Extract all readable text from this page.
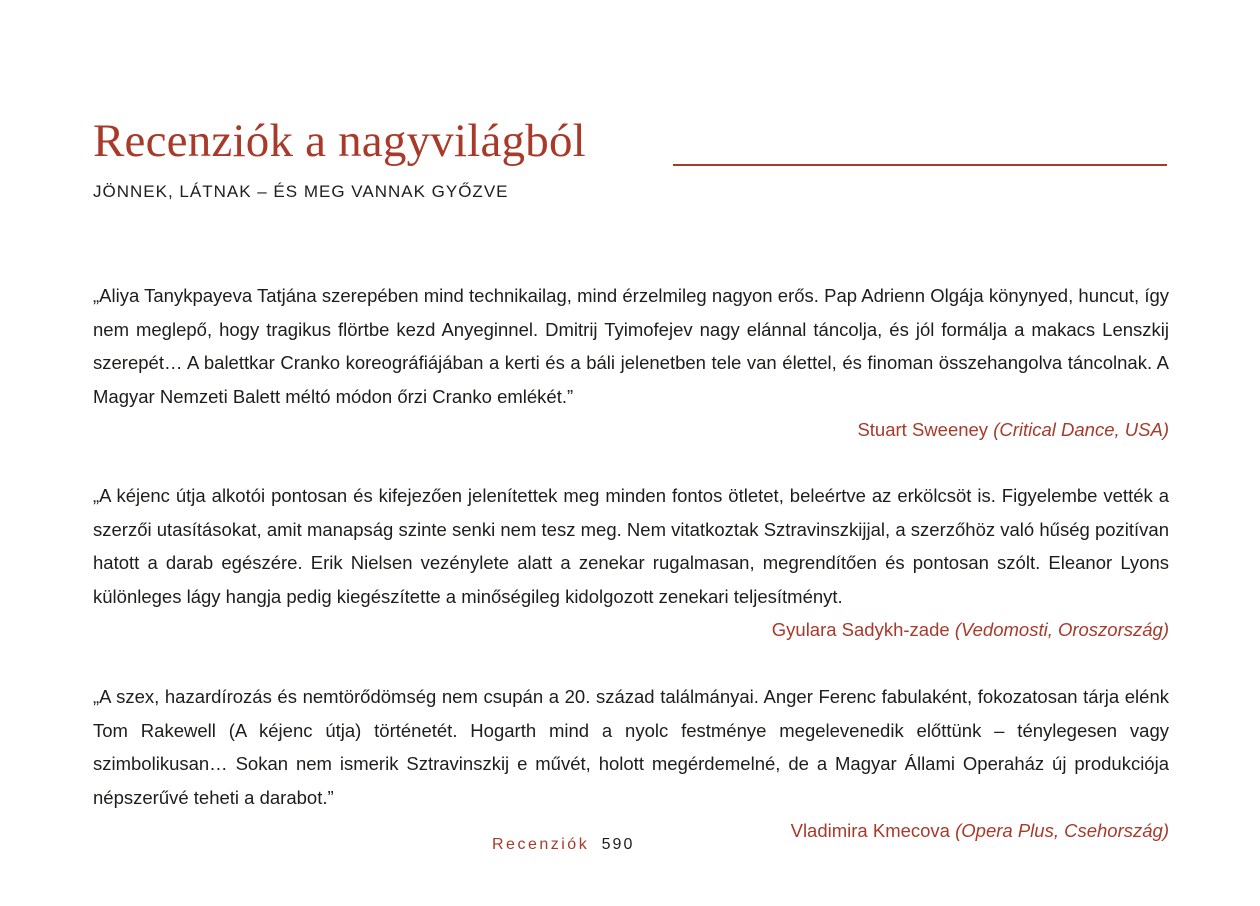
Recenziók a nagyvilágból
JÖNNEK, LÁTNAK – ÉS MEG VANNAK GYŐZVE

„Aliya Tanykpayeva Tatjána szerepében mind technikailag, mind érzelmileg nagyon erős. Pap Adrienn Olgája könynyed, huncut, így nem meglepő, hogy tragikus flörtbe kezd Anyeginnel. Dmitrij Tyimofejev nagy elánnal táncolja, és jól formálja a makacs Lenszkij szerepét… A balettkar Cranko koreográfiájában a kerti és a báli jelenetben tele van élettel, és finoman összehangolva táncolnak. A Magyar Nemzeti Balett méltó módon őrzi Cranko emlékét.”

Stuart Sweeney (Critical Dance, USA)

„A kéjenc útja alkotói pontosan és kifejezően jelenítettek meg minden fontos ötletet, beleértve az erkölcsöt is. Figyelembe vették a szerzői utasításokat, amit manapság szinte senki nem tesz meg. Nem vitatkoztak Sztravinszkijjal, a szerzőhöz való hűség pozitívan hatott a darab egészére. Erik Nielsen vezénylete alatt a zenekar rugalmasan, megrendítően és pontosan szólt. Eleanor Lyons különleges lágy hangja pedig kiegészítette a minőségileg kidolgozott zenekari teljesítményt.

Gyulara Sadykh-zade (Vedomosti, Oroszország)

„A szex, hazardírozás és nemtörődömség nem csupán a 20. század találmányai. Anger Ferenc fabulaként, fokozatosan tárja elénk Tom Rakewell (A kéjenc útja) történetét. Hogarth mind a nyolc festménye megelevenedik előttünk – ténylegesen vagy szimbolikusan… Sokan nem ismerik Sztravinszkij e művét, holott megérdemelné, de a Magyar Állami Operaház új produkciója népszerűvé teheti a darabot.”

Vladimira Kmecova (Opera Plus, Csehország)

Recenziók 590
